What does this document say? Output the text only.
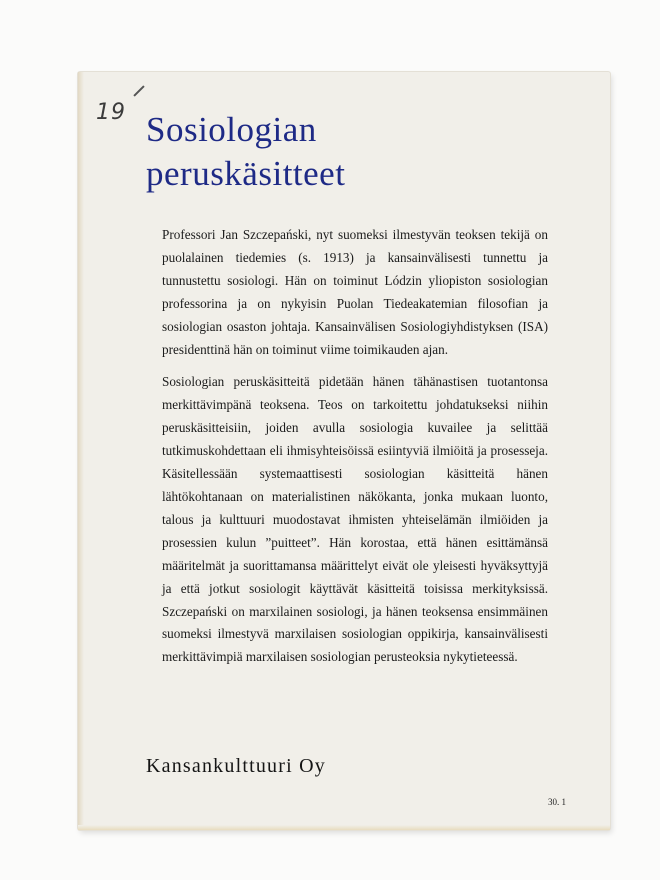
19 Sosiologian
peruskäsitteet

Professori Jan Szczepański, nyt suomeksi ilmestyvän teoksen tekijä on puolalainen tiedemies (s. 1913) ja kansainvälisesti tunnettu ja tunnustettu sosiologi. Hän on toiminut Lódzin yliopiston sosiologian professorina ja on nykyisin Puolan Tiedeakatemian filosofian ja sosiologian osaston johtaja. Kansainvälisen Sosiologiyhdistyksen (ISA) presidenttinä hän on toiminut viime toimikauden ajan.

Sosiologian peruskäsitteitä pidetään hänen tähänastisen tuotantonsa merkittävimpänä teoksena. Teos on tarkoitettu johdatukseksi niihin peruskäsitteisiin, joiden avulla sosiologia kuvailee ja selittää tutkimuskohdettaan eli ihmisyhteisöissä esiintyviä ilmiöitä ja prosesseja. Käsitellessään systemaattisesti sosiologian käsitteitä hänen lähtökohtanaan on materialistinen näkökanta, jonka mukaan luonto, talous ja kulttuuri muodostavat ihmisten yhteiselämän ilmiöiden ja prosessien kulun ”puitteet”. Hän korostaa, että hänen esittämänsä määritelmät ja suorittamansa määrittelyt eivät ole yleisesti hyväksyttyjä ja että jotkut sosiologit käyttävät käsitteitä toisissa merkityksissä. Szczepański on marxilainen sosiologi, ja hänen teoksensa ensimmäinen suomeksi ilmestyvä marxilaisen sosiologian oppikirja, kansainvälisesti merkittävimpiä marxilaisen sosiologian perusteoksia nykytieteessä.

Kansankulttuuri Oy
30. 1
